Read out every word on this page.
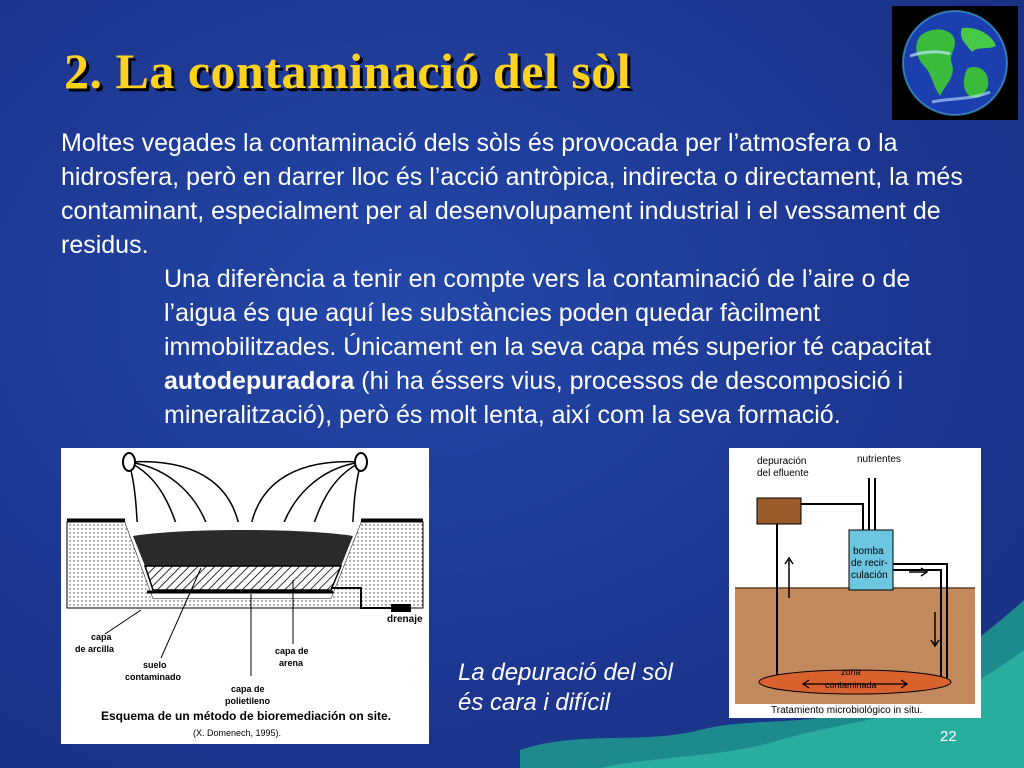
2. La contaminació del sòl

Moltes vegades la contaminació dels sòls és provocada per l’atmosfera o la hidrosfera, però en darrer lloc és l’acció antròpica, indirecta o directament, la més contaminant, especialment per al desenvolupament industrial i el vessament de residus.

Una diferència a tenir en compte vers la contaminació de l’aire o de l’aigua és que aquí les substàncies poden quedar fàcilment immobilitzades. Únicament en la seva capa més superior té capacitat autodepuradora (hi ha éssers vius, processos de descomposició i mineralització), però és molt lenta, així com la seva formació.

capa
de arcilla
suelo
contaminado
capa de
polietileno
capa de
arena
drenaje
Esquema de un método de bioremediación on site.
(X. Domenech, 1995).
depuración
del efluente
nutrientes
bomba
de recir-
culación
zona
contaminada
Tratamiento microbiológico in situ.
La depuració del sòl
és cara i difícil
22
